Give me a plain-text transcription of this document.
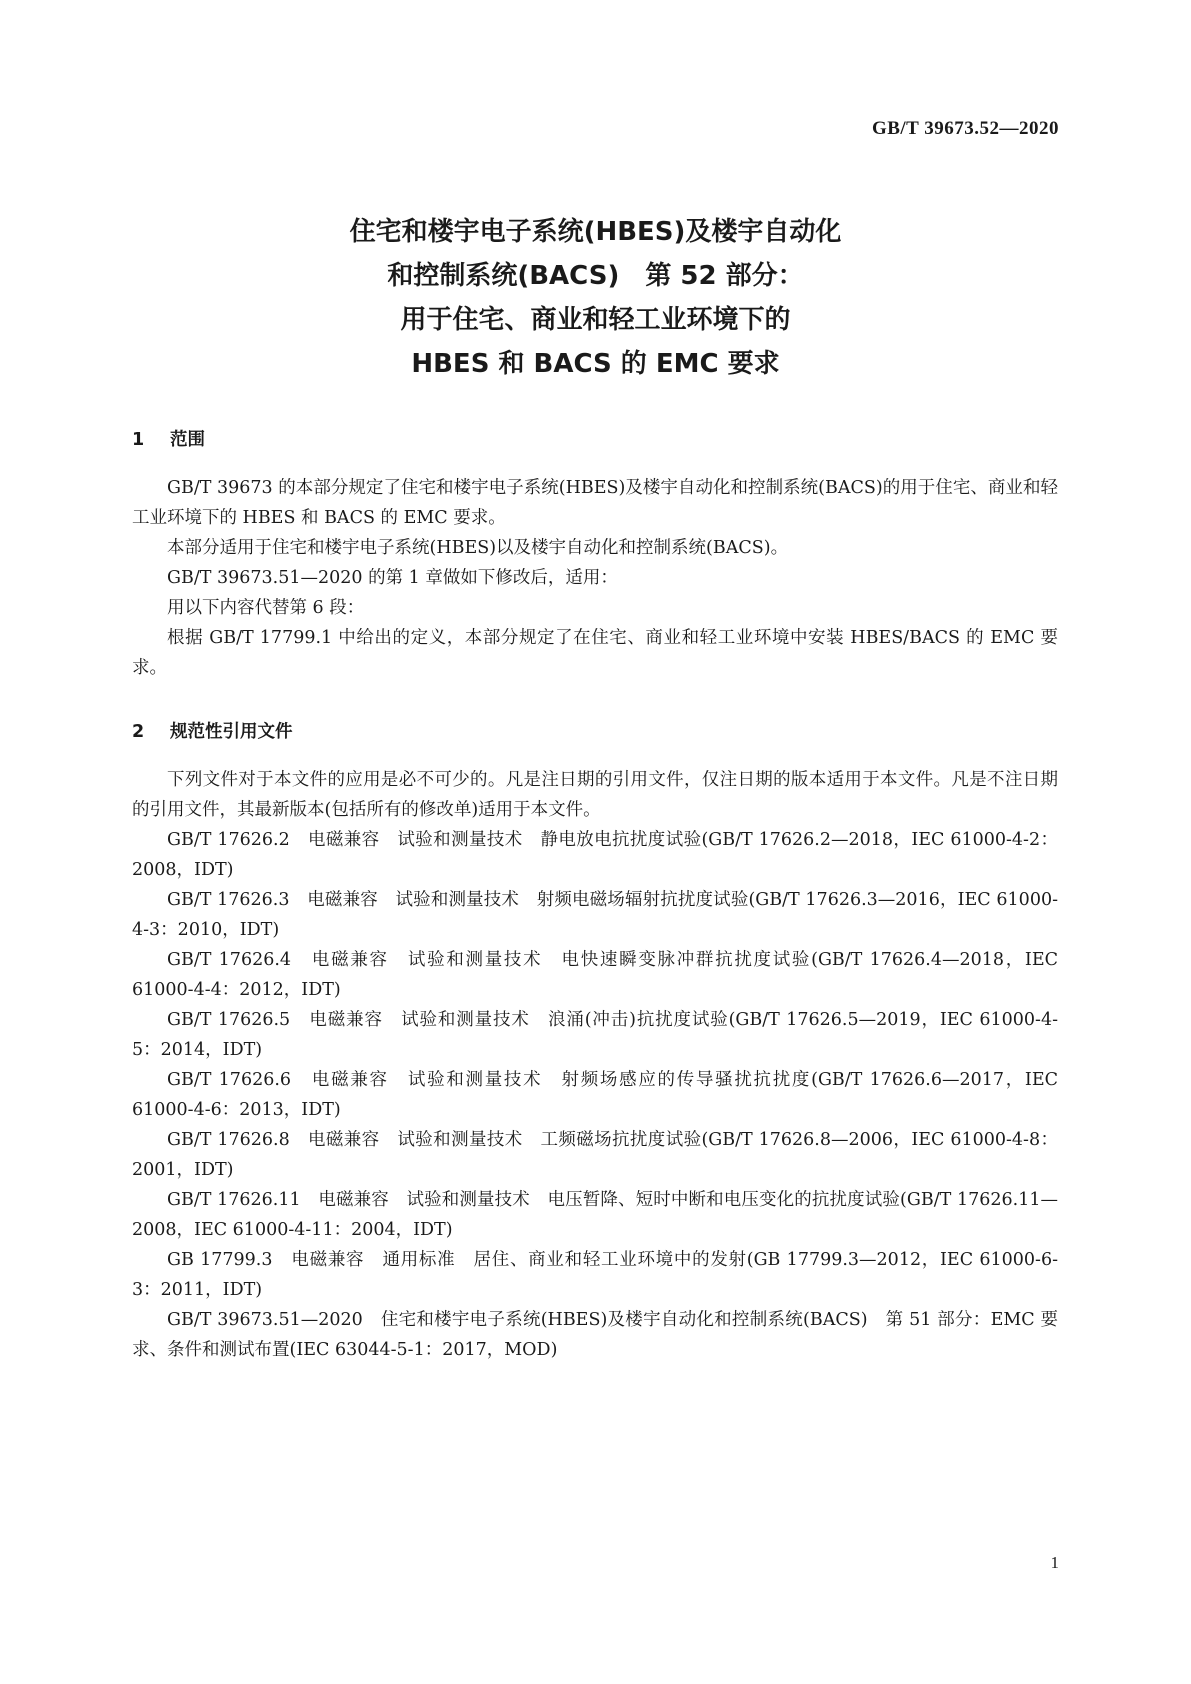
GB/T 39673.52—2020
住宅和楼宇电子系统(HBES)及楼宇自动化
和控制系统(BACS)　第 52 部分：
用于住宅、商业和轻工业环境下的
HBES 和 BACS 的 EMC 要求
1 范围

GB/T 39673 的本部分规定了住宅和楼宇电子系统(HBES)及楼宇自动化和控制系统(BACS)的用于住宅、商业和轻工业环境下的 HBES 和 BACS 的 EMC 要求。

本部分适用于住宅和楼宇电子系统(HBES)以及楼宇自动化和控制系统(BACS)。

GB/T 39673.51—2020 的第 1 章做如下修改后，适用：

用以下内容代替第 6 段：

根据 GB/T 17799.1 中给出的定义，本部分规定了在住宅、商业和轻工业环境中安装 HBES/BACS 的 EMC 要求。

2 规范性引用文件

下列文件对于本文件的应用是必不可少的。凡是注日期的引用文件，仅注日期的版本适用于本文件。凡是不注日期的引用文件，其最新版本(包括所有的修改单)适用于本文件。

GB/T 17626.2　电磁兼容　试验和测量技术　静电放电抗扰度试验(GB/T 17626.2—2018，IEC 61000-4-2：2008，IDT)

GB/T 17626.3　电磁兼容　试验和测量技术　射频电磁场辐射抗扰度试验(GB/T 17626.3—2016，IEC 61000-4-3：2010，IDT)

GB/T 17626.4　电磁兼容　试验和测量技术　电快速瞬变脉冲群抗扰度试验(GB/T 17626.4—2018，IEC 61000-4-4：2012，IDT)

GB/T 17626.5　电磁兼容　试验和测量技术　浪涌(冲击)抗扰度试验(GB/T 17626.5—2019，IEC 61000-4-5：2014，IDT)

GB/T 17626.6　电磁兼容　试验和测量技术　射频场感应的传导骚扰抗扰度(GB/T 17626.6—2017，IEC 61000-4-6：2013，IDT)

GB/T 17626.8　电磁兼容　试验和测量技术　工频磁场抗扰度试验(GB/T 17626.8—2006，IEC 61000-4-8：2001，IDT)

GB/T 17626.11　电磁兼容　试验和测量技术　电压暂降、短时中断和电压变化的抗扰度试验(GB/T 17626.11—2008，IEC 61000-4-11：2004，IDT)

GB 17799.3　电磁兼容　通用标准　居住、商业和轻工业环境中的发射(GB 17799.3—2012，IEC 61000-6-3：2011，IDT)

GB/T 39673.51—2020　住宅和楼宇电子系统(HBES)及楼宇自动化和控制系统(BACS)　第 51 部分：EMC 要求、条件和测试布置(IEC 63044-5-1：2017，MOD)

1
